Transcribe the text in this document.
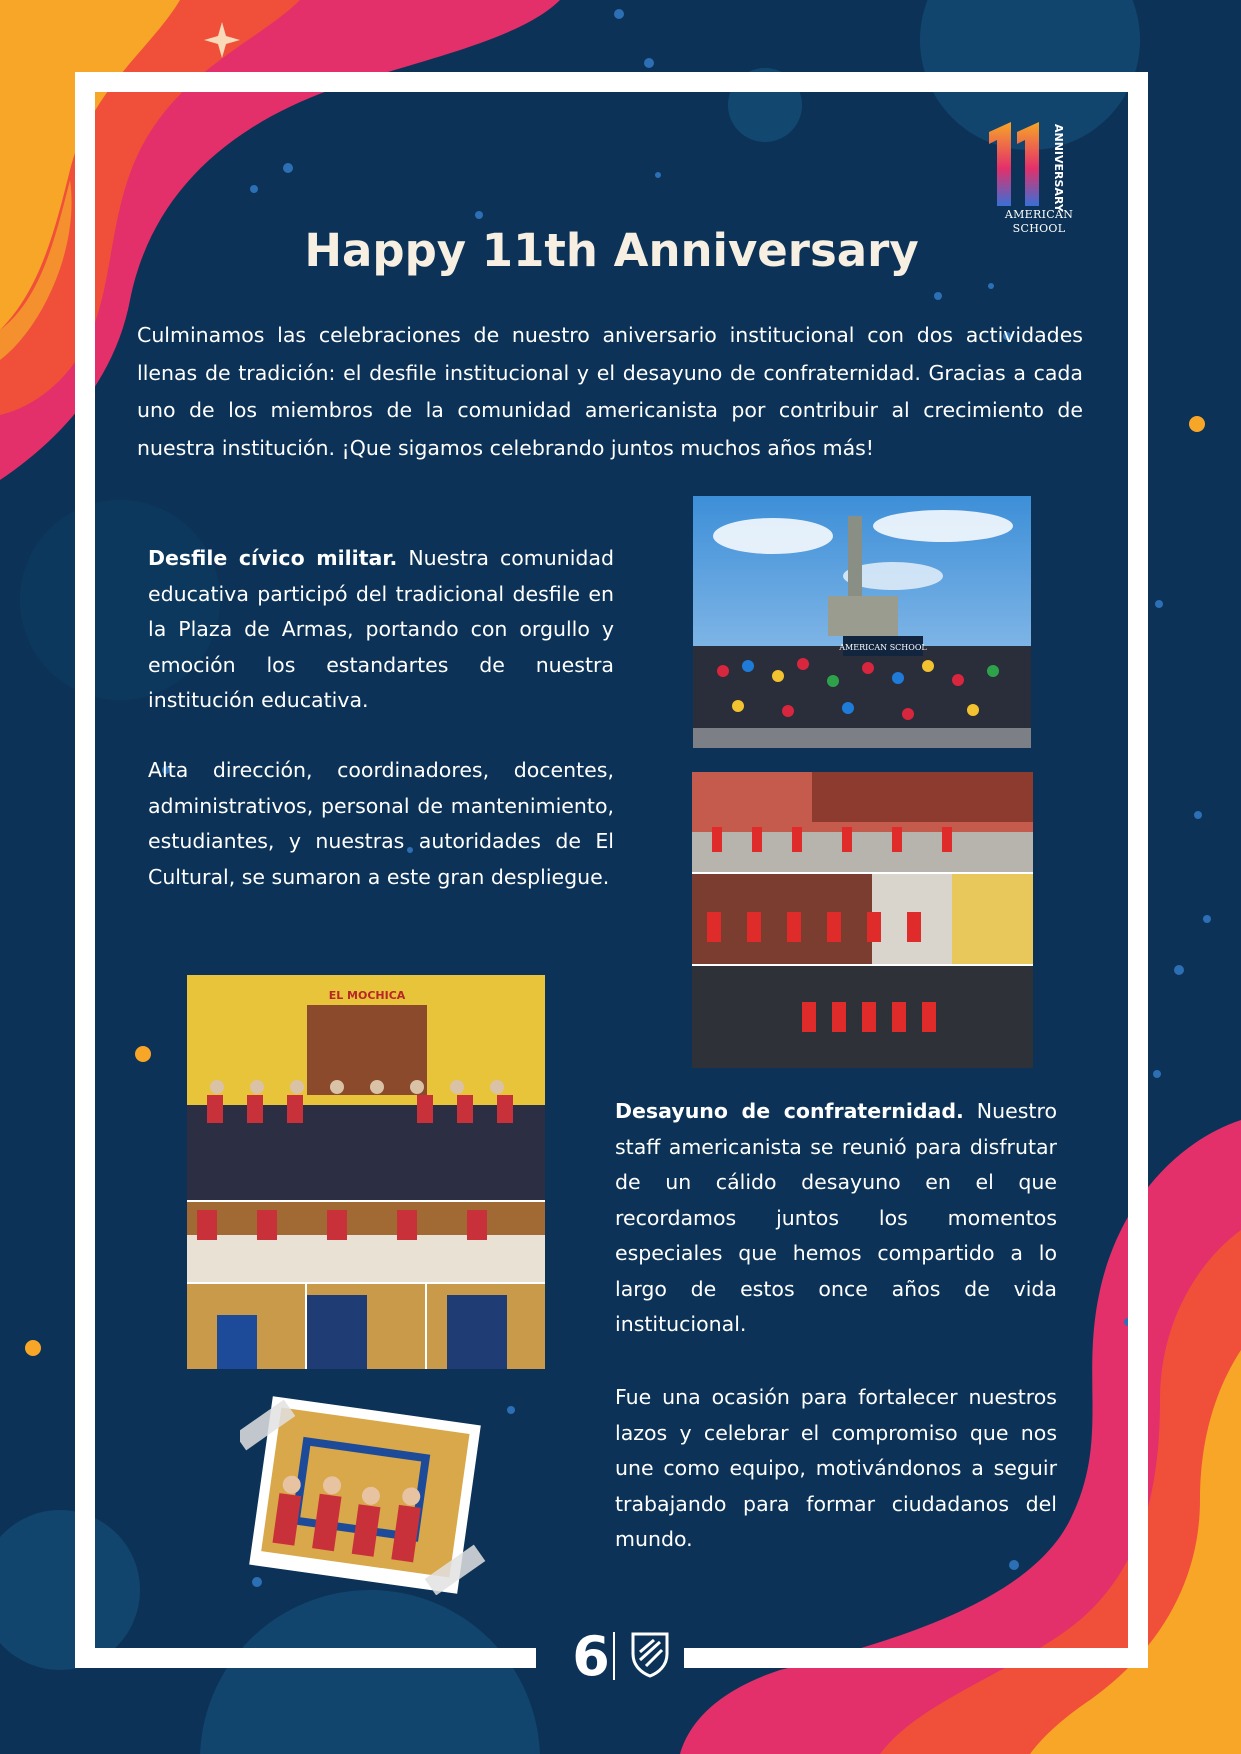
6
ANNIVERSARY
AMERICAN
SCHOOL
Happy 11th Anniversary
Culminamos las celebraciones de nuestro aniversario institucional con dos actividades llenas de tradición: el desfile institucional y el desayuno de confraternidad. Gracias a cada uno de los miembros de la comunidad americanista por contribuir al crecimiento de nuestra institución. ¡Que sigamos celebrando juntos muchos años más!
Desfile cívico militar. Nuestra comunidad educativa participó del tradicional desfile en la Plaza de Armas, portando con orgullo y emoción los estandartes de nuestra institución educativa.
Alta dirección, coordinadores, docentes, administrativos, personal de mantenimiento, estudiantes, y nuestras autoridades de El Cultural, se sumaron a este gran despliegue.
Desayuno de confraternidad. Nuestro staff americanista se reunió para disfrutar de un cálido desayuno en el que recordamos juntos los momentos especiales que hemos compartido a lo largo de estos once años de vida institucional.
Fue una ocasión para fortalecer nuestros lazos y celebrar el compromiso que nos une como equipo, motivándonos a seguir trabajando para formar ciudadanos del mundo.
AMERICAN SCHOOL
EL MOCHICA
